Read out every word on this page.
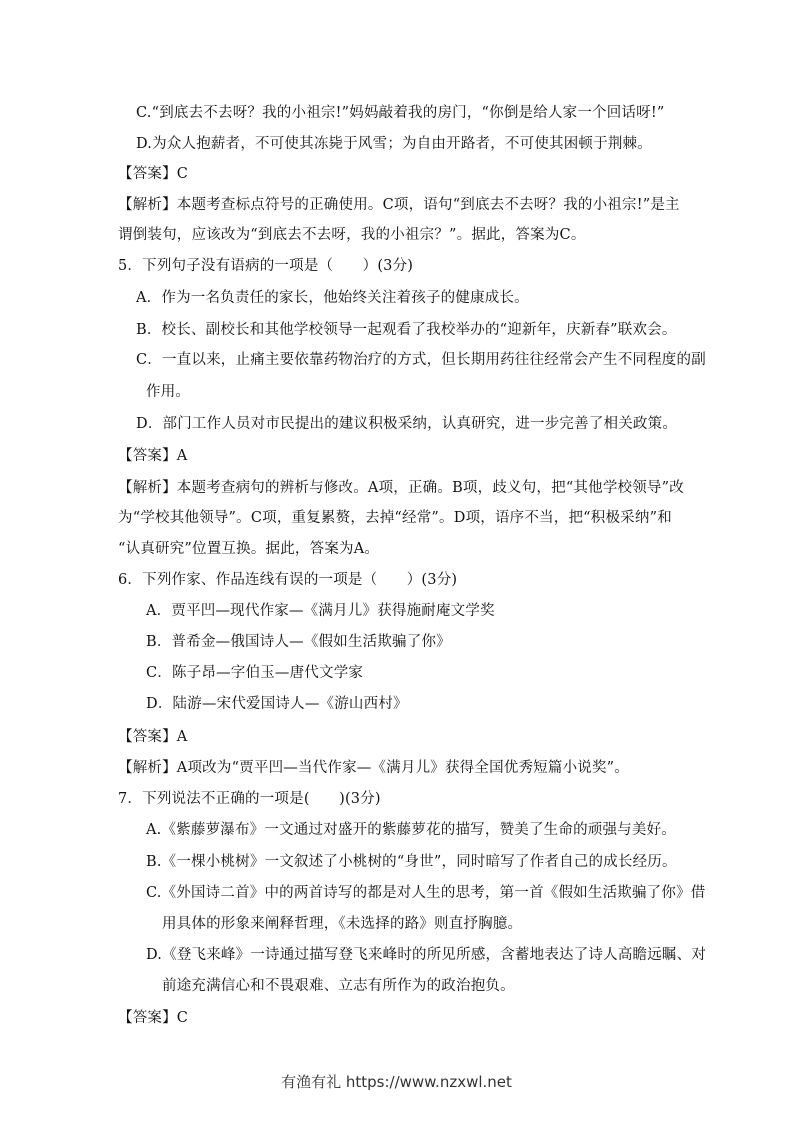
C.“到底去不去呀？我的小祖宗!”妈妈敲着我的房门，“你倒是给人家一个回话呀!”
D.为众人抱薪者，不可使其冻毙于风雪；为自由开路者，不可使其困顿于荆棘。
【答案】C
【解析】本题考查标点符号的正确使用。C项，语句“到底去不去呀？我的小祖宗!”是主
谓倒装句，应该改为“到底去不去呀，我的小祖宗？”。据此，答案为C。
5．下列句子没有语病的一项是（　　）(3分)
A．作为一名负责任的家长，他始终关注着孩子的健康成长。
B．校长、副校长和其他学校领导一起观看了我校举办的“迎新年，庆新春”联欢会。
C．一直以来，止痛主要依靠药物治疗的方式，但长期用药往往经常会产生不同程度的副
作用。
D．部门工作人员对市民提出的建议积极采纳，认真研究，进一步完善了相关政策。
【答案】A
【解析】本题考查病句的辨析与修改。A项，正确。B项，歧义句，把“其他学校领导”改
为“学校其他领导”。C项，重复累赘，去掉“经常”。D项，语序不当，把“积极采纳”和
“认真研究”位置互换。据此，答案为A。
6．下列作家、作品连线有误的一项是（　　）(3分)
A．贾平凹—现代作家—《满月儿》获得施耐庵文学奖
B．普希金—俄国诗人—《假如生活欺骗了你》
C．陈子昂—字伯玉—唐代文学家
D．陆游—宋代爱国诗人—《游山西村》
【答案】A
【解析】A项改为“贾平凹—当代作家—《满月儿》获得全国优秀短篇小说奖”。
7．下列说法不正确的一项是(　　)(3分)
A.《紫藤萝瀑布》一文通过对盛开的紫藤萝花的描写，赞美了生命的顽强与美好。
B.《一棵小桃树》一文叙述了小桃树的“身世”，同时暗写了作者自己的成长经历。
C.《外国诗二首》中的两首诗写的都是对人生的思考，第一首《假如生活欺骗了你》借
用具体的形象来阐释哲理，《未选择的路》则直抒胸臆。
D.《登飞来峰》一诗通过描写登飞来峰时的所见所感，含蓄地表达了诗人高瞻远瞩、对
前途充满信心和不畏艰难、立志有所作为的政治抱负。
【答案】C
有渔有礼 https://www.nzxwl.net
